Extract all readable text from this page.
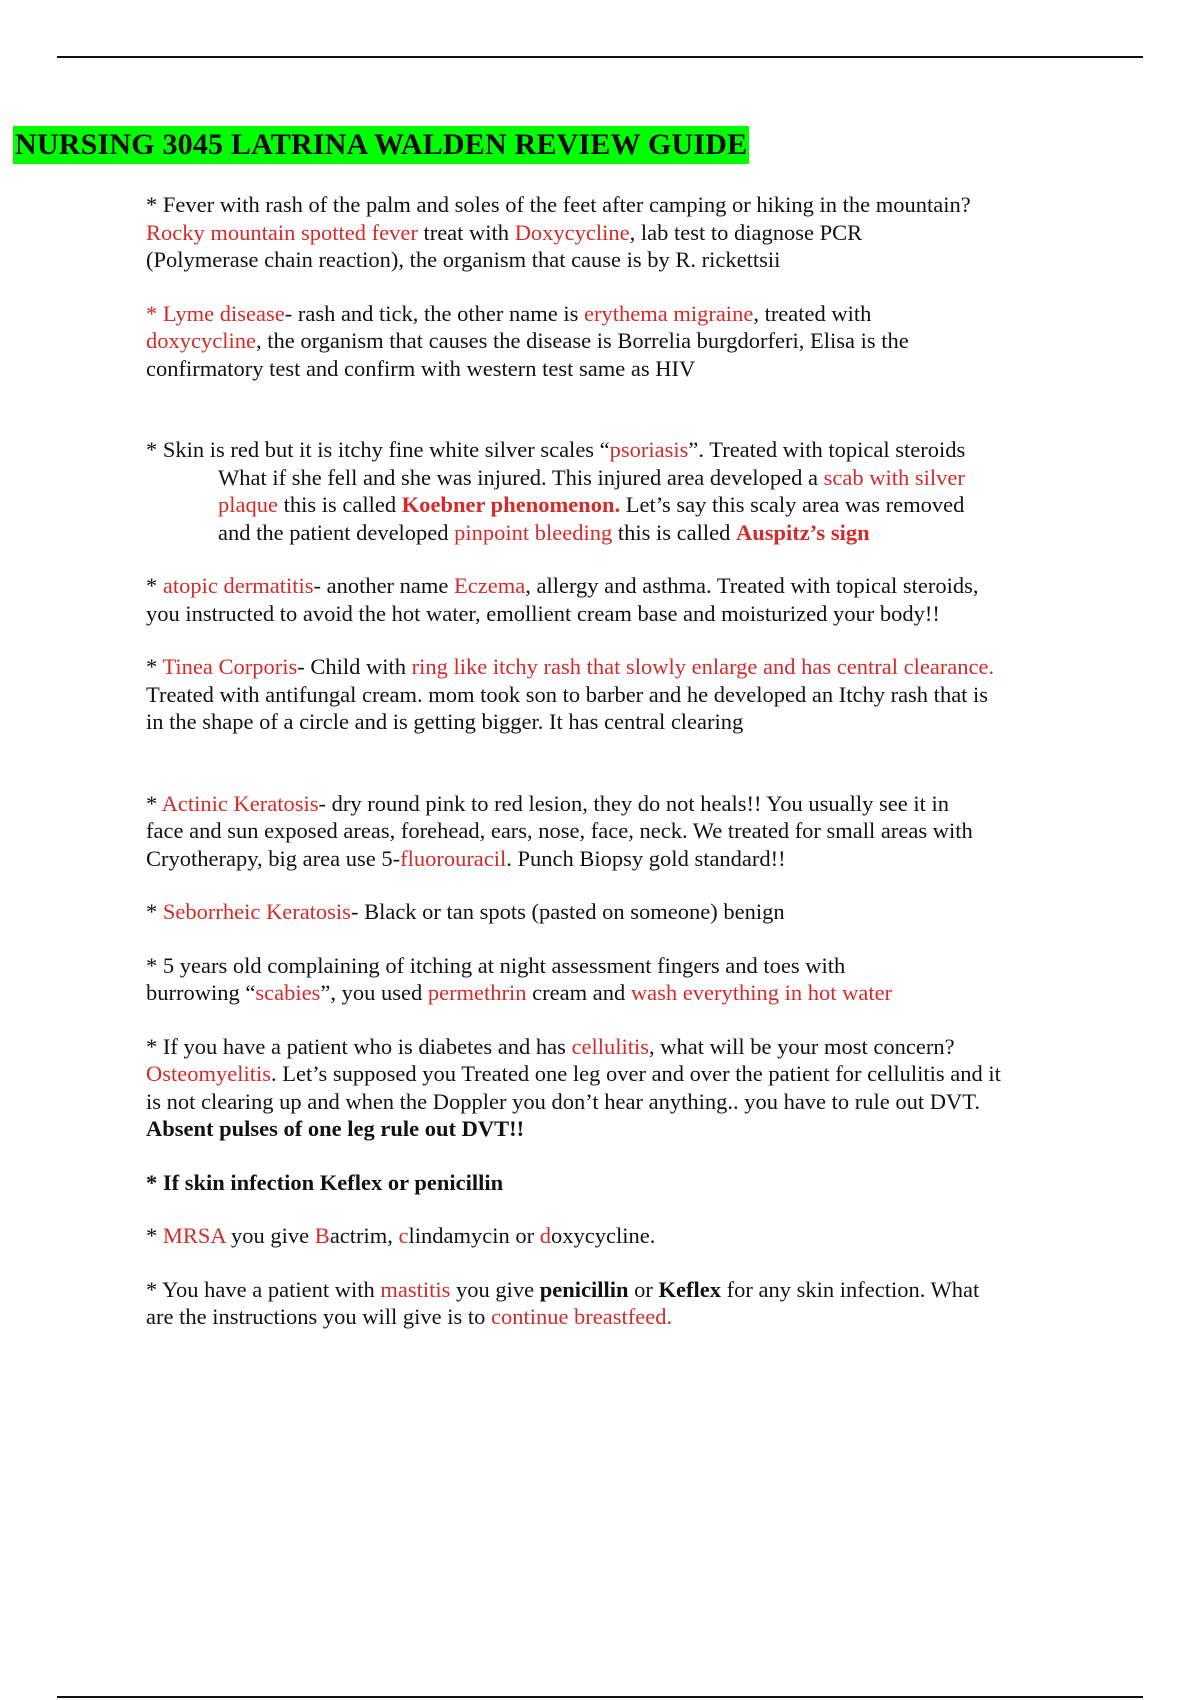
NURSING 3045 LATRINA WALDEN REVIEW GUIDE
* Fever with rash of the palm and soles of the feet after camping or hiking in the mountain?
Rocky mountain spotted fever treat with Doxycycline, lab test to diagnose PCR
(Polymerase chain reaction), the organism that cause is by R. rickettsii
* Lyme disease- rash and tick, the other name is erythema migraine, treated with
doxycycline, the organism that causes the disease is Borrelia burgdorferi, Elisa is the
confirmatory test and confirm with western test same as HIV
* Skin is red but it is itchy fine white silver scales “psoriasis”. Treated with topical steroids
What if she fell and she was injured. This injured area developed a scab with silver
plaque this is called Koebner phenomenon. Let’s say this scaly area was removed
and the patient developed pinpoint bleeding this is called Auspitz’s sign
* atopic dermatitis- another name Eczema, allergy and asthma. Treated with topical steroids,
you instructed to avoid the hot water, emollient cream base and moisturized your body!!
* Tinea Corporis- Child with ring like itchy rash that slowly enlarge and has central clearance.
Treated with antifungal cream. mom took son to barber and he developed an Itchy rash that is
in the shape of a circle and is getting bigger. It has central clearing
* Actinic Keratosis- dry round pink to red lesion, they do not heals!! You usually see it in
face and sun exposed areas, forehead, ears, nose, face, neck. We treated for small areas with
Cryotherapy, big area use 5-fluorouracil. Punch Biopsy gold standard!!
* Seborrheic Keratosis- Black or tan spots (pasted on someone) benign
* 5 years old complaining of itching at night assessment fingers and toes with
burrowing “scabies”, you used permethrin cream and wash everything in hot water
* If you have a patient who is diabetes and has cellulitis, what will be your most concern?
Osteomyelitis. Let’s supposed you Treated one leg over and over the patient for cellulitis and it
is not clearing up and when the Doppler you don’t hear anything.. you have to rule out DVT.
Absent pulses of one leg rule out DVT!!
* If skin infection Keflex or penicillin
* MRSA you give Bactrim, clindamycin or doxycycline.
* You have a patient with mastitis you give penicillin or Keflex for any skin infection. What
are the instructions you will give is to continue breastfeed.
